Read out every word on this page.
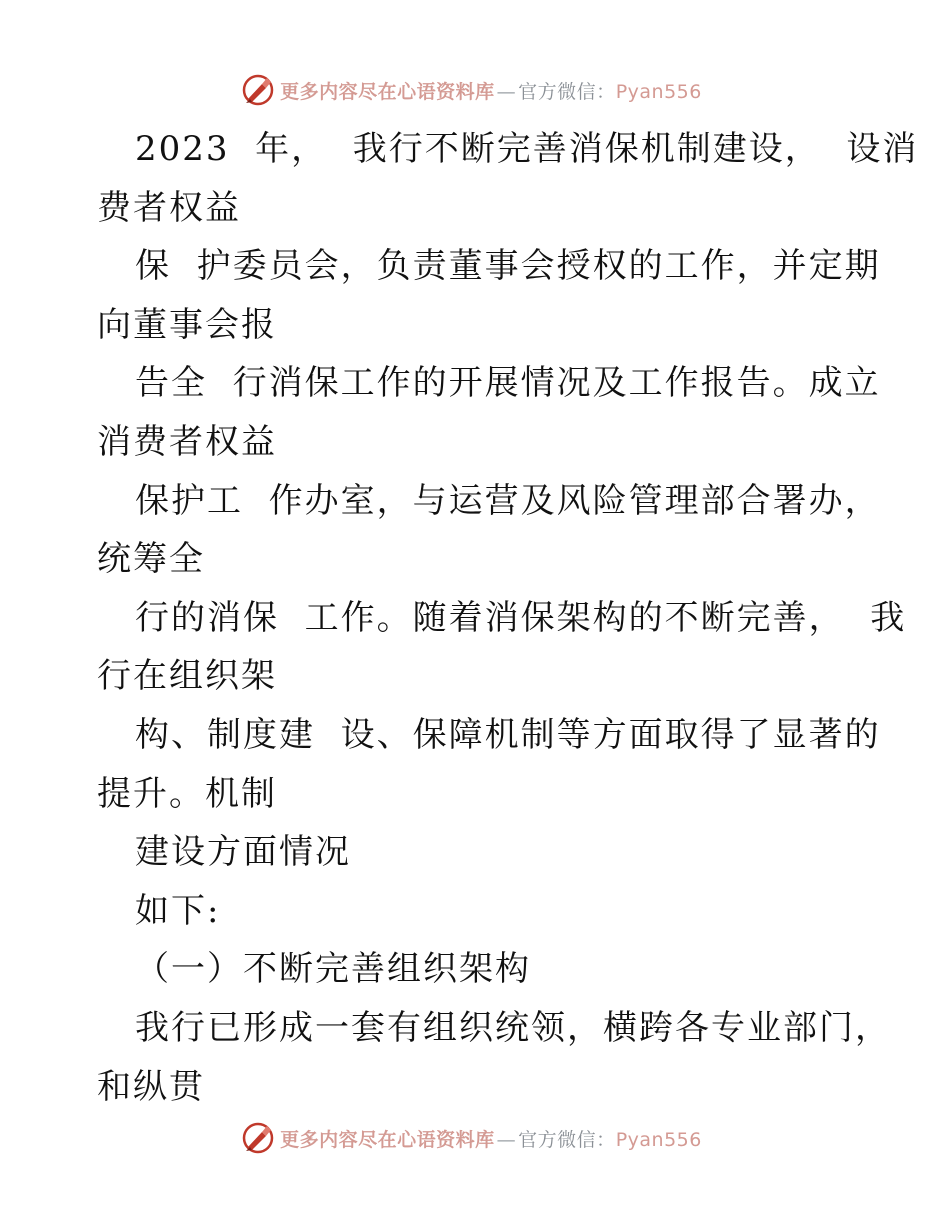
更多内容尽在心语资料库 — 官方微信：Pyan556
2023  年，  我行不断完善消保机制建设，  设消
费者权益
保  护委员会，负责董事会授权的工作，并定期
向董事会报
告全  行消保工作的开展情况及工作报告。成立
消费者权益
保护工  作办室，与运营及风险管理部合署办，
统筹全
行的消保  工作。随着消保架构的不断完善，  我
行在组织架
构、制度建  设、保障机制等方面取得了显著的
提升。机制
建设方面情况
如下:
（一）不断完善组织架构
我行已形成一套有组织统领，横跨各专业部门，
和纵贯
更多内容尽在心语资料库 — 官方微信：Pyan556
